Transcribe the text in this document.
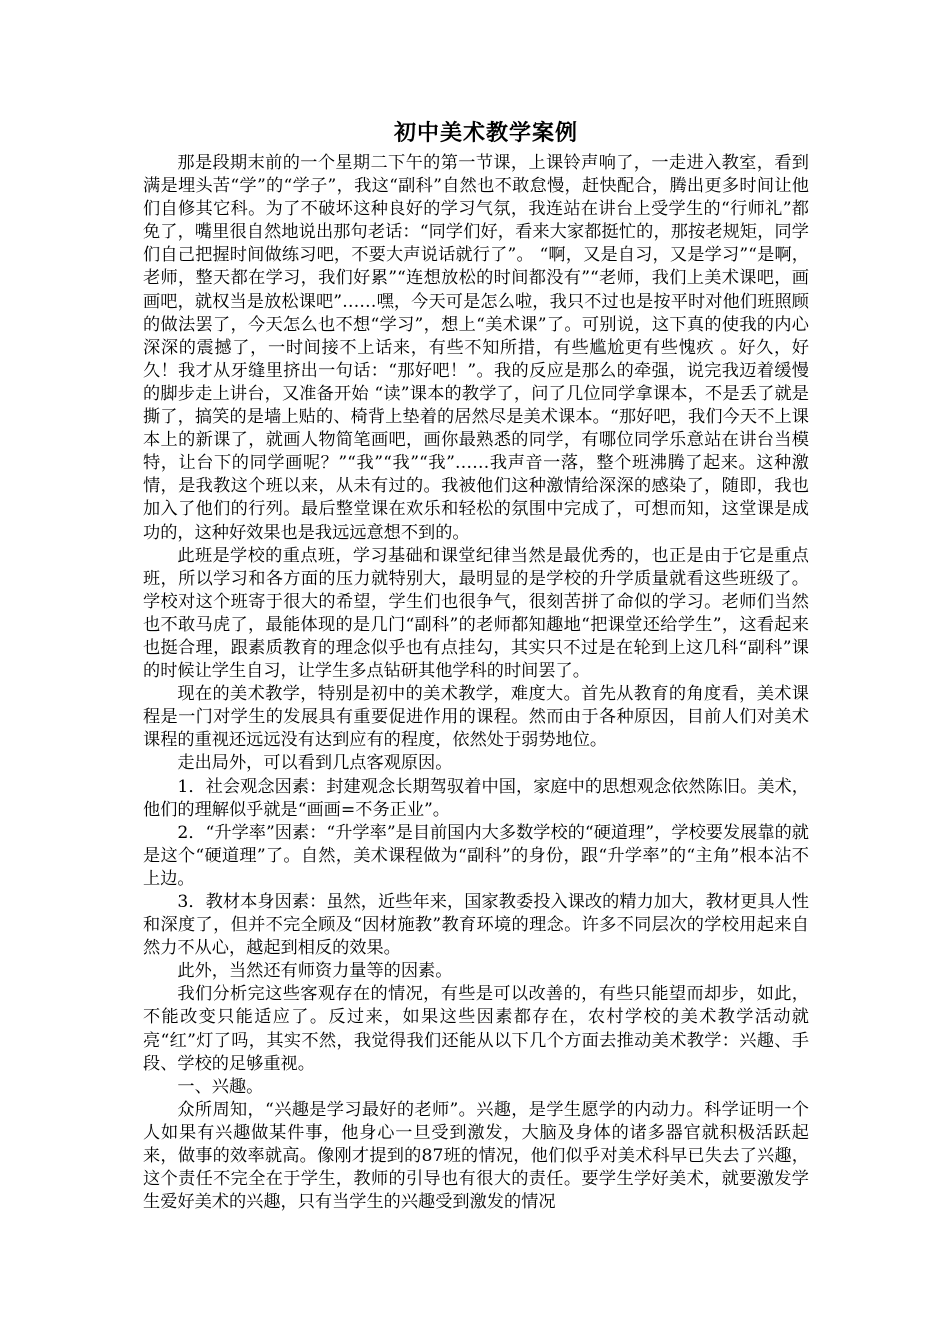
初中美术教学案例

那是段期末前的一个星期二下午的第一节课，上课铃声响了，一走进入教室，看到满是埋头苦“学”的“学子”，我这“副科”自然也不敢怠慢，赶快配合，腾出更多时间让他们自修其它科。为了不破坏这种良好的学习气氛，我连站在讲台上受学生的“行师礼”都免了，嘴里很自然地说出那句老话：“同学们好，看来大家都挺忙的，那按老规矩，同学们自己把握时间做练习吧，不要大声说话就行了”。 “啊，又是自习，又是学习”“是啊，老师，整天都在学习，我们好累”“连想放松的时间都没有”“老师，我们上美术课吧，画画吧，就权当是放松课吧”……嘿，今天可是怎么啦，我只不过也是按平时对他们班照顾的做法罢了，今天怎么也不想“学习”，想上“美术课”了。可别说，这下真的使我的内心深深的震撼了，一时间接不上话来，有些不知所措，有些尴尬更有些愧疚 。好久，好久！我才从牙缝里挤出一句话：“那好吧！”。我的反应是那么的牵强，说完我迈着缓慢的脚步走上讲台，又准备开始 “读”课本的教学了，问了几位同学拿课本，不是丢了就是撕了，搞笑的是墙上贴的、椅背上垫着的居然尽是美术课本。“那好吧，我们今天不上课本上的新课了，就画人物简笔画吧，画你最熟悉的同学，有哪位同学乐意站在讲台当模特，让台下的同学画呢？”“我”“我”“我”……我声音一落，整个班沸腾了起来。这种激情，是我教这个班以来，从未有过的。我被他们这种激情给深深的感染了，随即，我也加入了他们的行列。最后整堂课在欢乐和轻松的氛围中完成了，可想而知，这堂课是成功的，这种好效果也是我远远意想不到的。

此班是学校的重点班，学习基础和课堂纪律当然是最优秀的，也正是由于它是重点班，所以学习和各方面的压力就特别大，最明显的是学校的升学质量就看这些班级了。学校对这个班寄于很大的希望，学生们也很争气，很刻苦拼了命似的学习。老师们当然也不敢马虎了，最能体现的是几门“副科”的老师都知趣地“把课堂还给学生”，这看起来也挺合理，跟素质教育的理念似乎也有点挂勾，其实只不过是在轮到上这几科“副科”课的时候让学生自习，让学生多点钻研其他学科的时间罢了。

现在的美术教学，特别是初中的美术教学，难度大。首先从教育的角度看，美术课程是一门对学生的发展具有重要促进作用的课程。然而由于各种原因，目前人们对美术课程的重视还远远没有达到应有的程度，依然处于弱势地位。

走出局外，可以看到几点客观原因。

1．社会观念因素：封建观念长期驾驭着中国，家庭中的思想观念依然陈旧。美术，他们的理解似乎就是“画画=不务正业”。

2．“升学率”因素：“升学率”是目前国内大多数学校的“硬道理”，学校要发展靠的就是这个“硬道理”了。自然，美术课程做为“副科”的身份，跟“升学率”的“主角”根本沾不上边。

3．教材本身因素：虽然，近些年来，国家教委投入课改的精力加大，教材更具人性和深度了，但并不完全顾及“因材施教”教育环境的理念。许多不同层次的学校用起来自然力不从心，越起到相反的效果。

此外，当然还有师资力量等的因素。

我们分析完这些客观存在的情况，有些是可以改善的，有些只能望而却步，如此，不能改变只能适应了。反过来，如果这些因素都存在，农村学校的美术教学活动就亮“红”灯了吗，其实不然，我觉得我们还能从以下几个方面去推动美术教学：兴趣、手段、学校的足够重视。

一、兴趣。

众所周知，“兴趣是学习最好的老师”。兴趣，是学生愿学的内动力。科学证明一个人如果有兴趣做某件事，他身心一旦受到激发，大脑及身体的诸多器官就积极活跃起来，做事的效率就高。像刚才提到的87班的情况，他们似乎对美术科早已失去了兴趣，这个责任不完全在于学生，教师的引导也有很大的责任。要学生学好美术，就要激发学生爱好美术的兴趣，只有当学生的兴趣受到激发的情况
